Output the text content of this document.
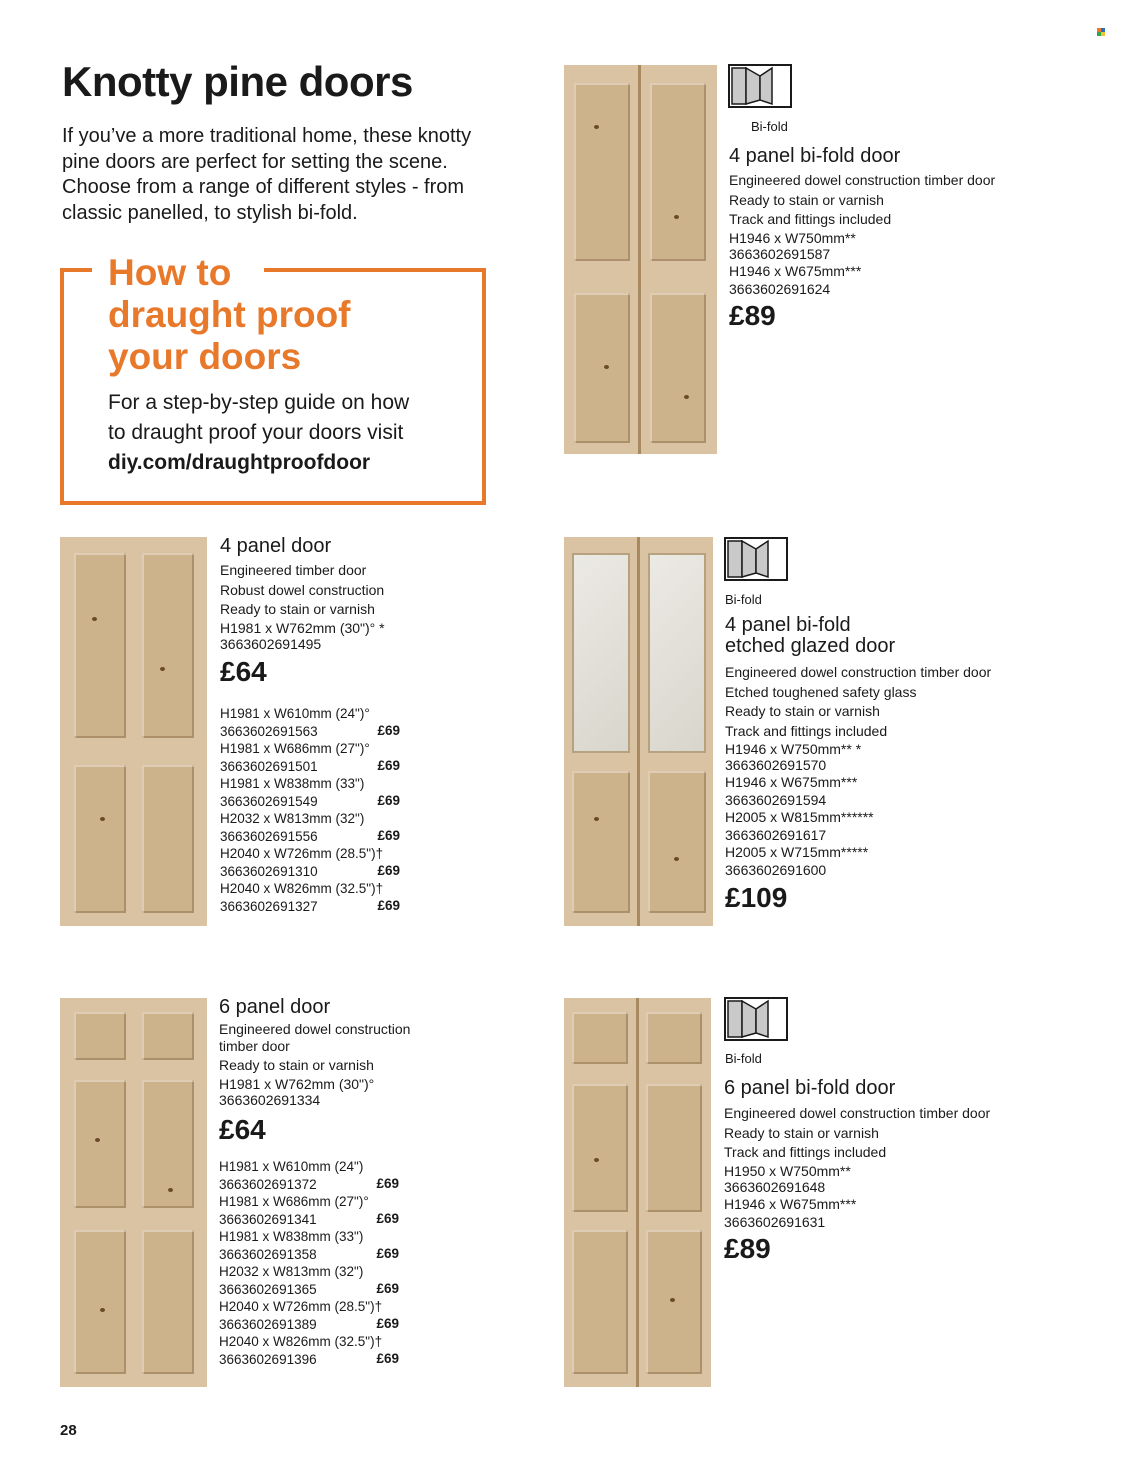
Knotty pine doors
If you’ve a more traditional home, these knotty
pine doors are perfect for setting the scene.
Choose from a range of different styles - from
classic panelled, to stylish bi-fold.
How to
draught proof
your doors
For a step-by-step guide on how
to draught proof your doors visit
diy.com/draughtproofdoor
Bi-fold
4 panel bi-fold door
Engineered dowel construction timber door
Ready to stain or varnish
Track and fittings included
H1946 x W750mm**
3663602691587
H1946 x W675mm***
3663602691624
£89
4 panel door
Engineered timber door
Robust dowel construction
Ready to stain or varnish
H1981 x W762mm (30")° *
3663602691495
£64
H1981 x W610mm (24")°
3663602691563	£69
H1981 x W686mm (27")°
3663602691501	£69
H1981 x W838mm (33")
3663602691549	£69
H2032 x W813mm (32")
3663602691556	£69
H2040 x W726mm (28.5")†
3663602691310	£69
H2040 x W826mm (32.5")†
3663602691327	£69
Bi-fold
4 panel bi-fold
etched glazed door
Engineered dowel construction timber door
Etched toughened safety glass
Ready to stain or varnish
Track and fittings included
H1946 x W750mm** *
3663602691570
H1946 x W675mm***
3663602691594
H2005 x W815mm******
3663602691617
H2005 x W715mm*****
3663602691600
£109
6 panel door
Engineered dowel construction
timber door
Ready to stain or varnish
H1981 x W762mm (30")°
3663602691334
£64
H1981 x W610mm (24")
3663602691372	£69
H1981 x W686mm (27")°
3663602691341	£69
H1981 x W838mm (33")
3663602691358	£69
H2032 x W813mm (32")
3663602691365	£69
H2040 x W726mm (28.5")†
3663602691389	£69
H2040 x W826mm (32.5")†
3663602691396	£69
Bi-fold
6 panel bi-fold door
Engineered dowel construction timber door
Ready to stain or varnish
Track and fittings included
H1950 x W750mm**
3663602691648
H1946 x W675mm***
3663602691631
£89
28
